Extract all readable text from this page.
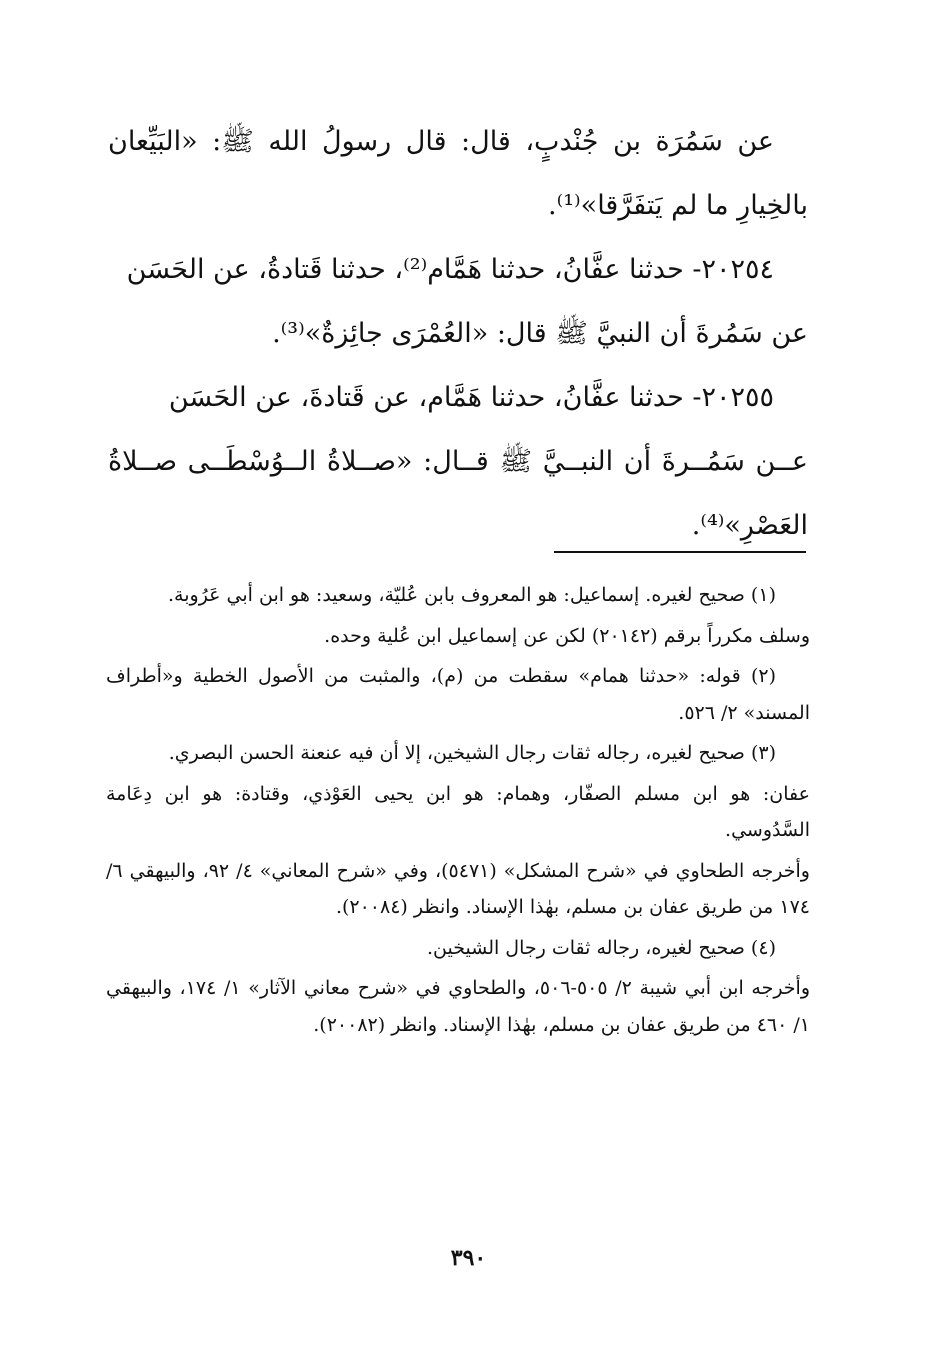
عن سَمُرَة بن جُنْدبٍ، قال: قال رسولُ الله ﷺ: «البَيِّعان بالخِيارِ ما لم يَتفَرَّقا»⁽¹⁾.

٢٠٢٥٤- حدثنا عفَّانُ، حدثنا هَمَّام⁽²⁾، حدثنا قَتادةُ، عن الحَسَن

عن سَمُرةَ أن النبيَّ ﷺ قال: «العُمْرَى جائِزةٌ»⁽³⁾.

٢٠٢٥٥- حدثنا عفَّانُ، حدثنا هَمَّام، عن قَتادةَ، عن الحَسَن

عــن سَمُــرةَ أن النبــيَّ ﷺ قــال: «صــلاةُ الــوُسْطَــى صــلاةُ العَصْرِ»⁽⁴⁾.

(١) صحيح لغيره. إسماعيل: هو المعروف بابن عُليّة، وسعيد: هو ابن أبي عَرُوبة.

وسلف مكرراً برقم (٢٠١٤٢) لكن عن إسماعيل ابن عُلية وحده.

(٢) قوله: «حدثنا همام» سقطت من (م)، والمثبت من الأصول الخطية و«أطراف المسند» ٢/ ٥٢٦.

(٣) صحيح لغيره، رجاله ثقات رجال الشيخين، إلا أن فيه عنعنة الحسن البصري.

عفان: هو ابن مسلم الصفّار، وهمام: هو ابن يحيى العَوْذي، وقتادة: هو ابن دِعَامة السَّدُوسي.

وأخرجه الطحاوي في «شرح المشكل» (٥٤٧١)، وفي «شرح المعاني» ٤/ ٩٢، والبيهقي ٦/ ١٧٤ من طريق عفان بن مسلم، بهٰذا الإسناد. وانظر (٢٠٠٨٤).

(٤) صحيح لغيره، رجاله ثقات رجال الشيخين.

وأخرجه ابن أبي شيبة ٢/ ٥٠٥-٥٠٦، والطحاوي في «شرح معاني الآثار» ١/ ١٧٤، والبيهقي ١/ ٤٦٠ من طريق عفان بن مسلم، بهٰذا الإسناد. وانظر (٢٠٠٨٢).

٣٩٠
